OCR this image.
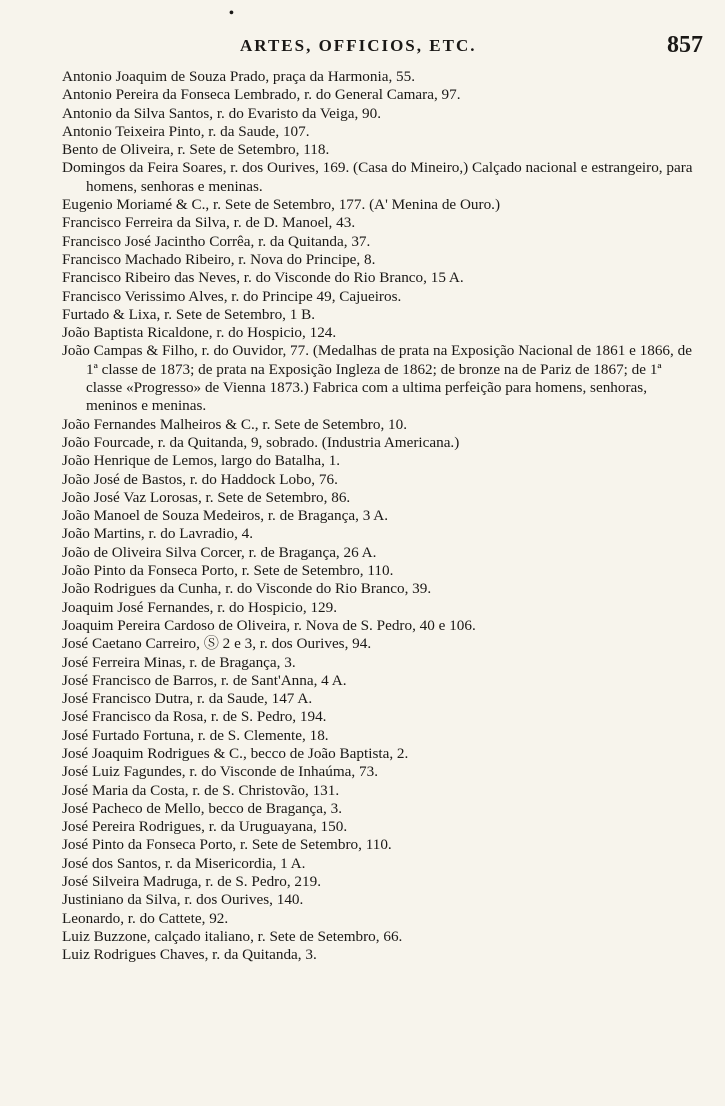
•
ARTES, OFFICIOS, ETC.	857
Antonio Joaquim de Souza Prado, praça da Harmonia, 55.
Antonio Pereira da Fonseca Lembrado, r. do General Camara, 97.
Antonio da Silva Santos, r. do Evaristo da Veiga, 90.
Antonio Teixeira Pinto, r. da Saude, 107.
Bento de Oliveira, r. Sete de Setembro, 118.
Domingos da Feira Soares, r. dos Ourives, 169. (Casa do Mineiro,) Calçado nacional e estrangeiro, para homens, senhoras e meninas.
Eugenio Moriamé & C., r. Sete de Setembro, 177. (A' Menina de Ouro.)
Francisco Ferreira da Silva, r. de D. Manoel, 43.
Francisco José Jacintho Corrêa, r. da Quitanda, 37.
Francisco Machado Ribeiro, r. Nova do Principe, 8.
Francisco Ribeiro das Neves, r. do Visconde do Rio Branco, 15 A.
Francisco Verissimo Alves, r. do Principe 49, Cajueiros.
Furtado & Lixa, r. Sete de Setembro, 1 B.
João Baptista Ricaldone, r. do Hospicio, 124.
João Campas & Filho, r. do Ouvidor, 77. (Medalhas de prata na Exposição Nacional de 1861 e 1866, de 1ª classe de 1873; de prata na Exposição Ingleza de 1862; de bronze na de Pariz de 1867; de 1ª classe «Progresso» de Vienna 1873.) Fabrica com a ultima perfeição para homens, senhoras, meninos e meninas.
João Fernandes Malheiros & C., r. Sete de Setembro, 10.
João Fourcade, r. da Quitanda, 9, sobrado. (Industria Americana.)
João Henrique de Lemos, largo do Batalha, 1.
João José de Bastos, r. do Haddock Lobo, 76.
João José Vaz Lorosas, r. Sete de Setembro, 86.
João Manoel de Souza Medeiros, r. de Bragança, 3 A.
João Martins, r. do Lavradio, 4.
João de Oliveira Silva Corcer, r. de Bragança, 26 A.
João Pinto da Fonseca Porto, r. Sete de Setembro, 110.
João Rodrigues da Cunha, r. do Visconde do Rio Branco, 39.
Joaquim José Fernandes, r. do Hospicio, 129.
Joaquim Pereira Cardoso de Oliveira, r. Nova de S. Pedro, 40 e 106.
José Caetano Carreiro, Ⓢ 2 e 3, r. dos Ourives, 94.
José Ferreira Minas, r. de Bragança, 3.
José Francisco de Barros, r. de Sant'Anna, 4 A.
José Francisco Dutra, r. da Saude, 147 A.
José Francisco da Rosa, r. de S. Pedro, 194.
José Furtado Fortuna, r. de S. Clemente, 18.
José Joaquim Rodrigues & C., becco de João Baptista, 2.
José Luiz Fagundes, r. do Visconde de Inhaúma, 73.
José Maria da Costa, r. de S. Christovão, 131.
José Pacheco de Mello, becco de Bragança, 3.
José Pereira Rodrigues, r. da Uruguayana, 150.
José Pinto da Fonseca Porto, r. Sete de Setembro, 110.
José dos Santos, r. da Misericordia, 1 A.
José Silveira Madruga, r. de S. Pedro, 219.
Justiniano da Silva, r. dos Ourives, 140.
Leonardo, r. do Cattete, 92.
Luiz Buzzone, calçado italiano, r. Sete de Setembro, 66.
Luiz Rodrigues Chaves, r. da Quitanda, 3.
